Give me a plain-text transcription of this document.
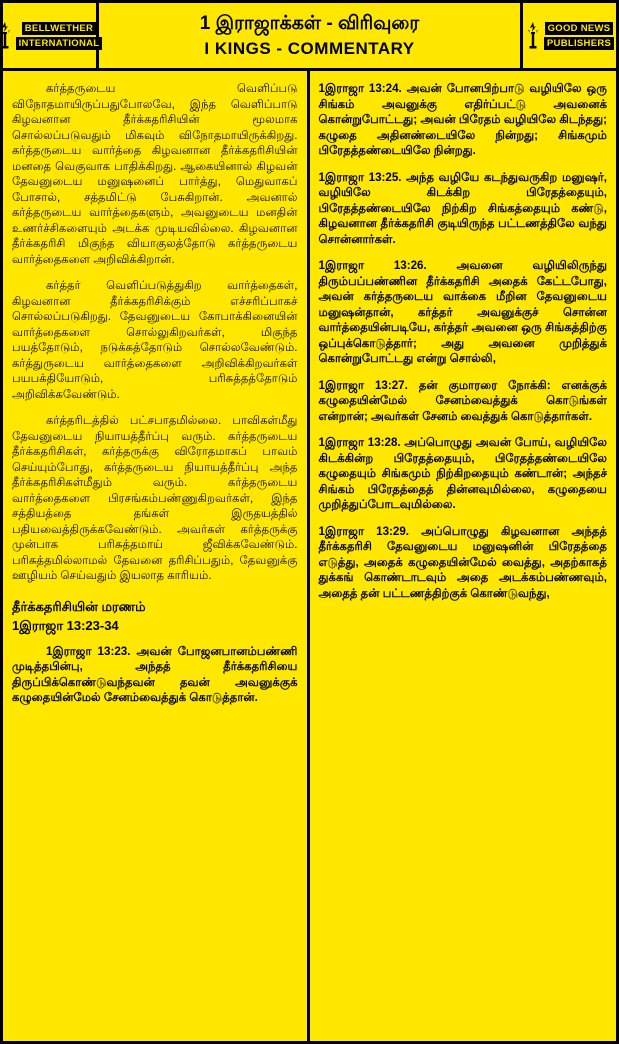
BELLWETHER
INTERNATIONAL
1 இராஜாக்கள் - விரிவுரை
I KINGS - COMMENTARY
GOOD NEWS
PUBLISHERS

கர்த்தருடைய வெளிப்படு விநோதமாயிருப்பதுபோலவே, இந்த வெளிப்பாடு கிழவனான தீர்க்கதரிசியின் மூலமாக சொல்லப்படுவதும் மிகவும் விநோதமாயிருக்கிறது. கர்த்தருடைய வார்த்தை கிழவனான தீர்க்கதரிசியின் மனதை வெகுவாக பாதிக்கிறது. ஆகையினால் கிழவன் தேவனுடைய மனுஷனைப் பார்த்து, மெதுவாகப் போசால், சத்தமிட்டு பேசுகிறான். அவனால் கர்த்தருடைய வார்த்தைகளும், அவனுடைய மனதின் உணர்ச்சிகளையும் அடக்க முடியவில்லை. கிழவனான தீர்க்கதரிசி மிகுந்த வியாகுலத்தோடு கர்த்தருடைய வார்த்தைகளை அறிவிக்கிறான்.

கர்த்தர் வெளிப்படுத்துகிற வார்த்தைகள், கிழவனான தீர்க்கதரிசிக்கும் எச்சரிப்பாகச் சொல்லப்படுகிறது. தேவனுடைய கோபாக்கினையின் வார்த்தைகளை சொல்லுகிறவர்கள், மிகுந்த பயத்தோடும், நடுக்கத்தோடும் சொல்லவேண்டும். கர்த்துருடைய வார்த்தைகளை அறிவிக்கிறவர்கள் பயபக்தியோடும், பரிசுத்தத்தோடும் அறிவிக்கவேண்டும்.

கர்த்தரிடத்தில் பட்சபாதமில்லை. பாவிகள்மீது தேவனுடைய நியாயத்தீர்ப்பு வரும். கர்த்தருடைய தீர்க்கதரிசிகள், கர்த்தருக்கு விரோதமாகப் பாவம் செய்யும்போது, கர்த்தருடைய நியாயத்தீர்ப்பு அந்த தீர்க்கதரிசிகள்மீதும் வரும். கர்த்தருடைய வார்த்தைகளை பிரசங்கம்பண்ணுகிறவர்கள், இந்த சத்தியத்தை தங்கள் இருதயத்தில் பதியவைத்திருக்கவேண்டும். அவர்கள் கர்த்தருக்கு முன்பாக பரிசுத்தமாய் ஜீவிக்கவேண்டும். பரிசுத்தமில்லாமல் தேவனை தரிசிப்பதும், தேவனுக்கு ஊழியம் செய்வதும் இயலாத காரியம்.

தீர்க்கதரிசியின் மரணம்
1இராஜா 13:23-34

1இராஜா 13:23. அவன் போஜனபானம்பண்ணி முடித்தபின்பு, அந்தத் தீர்க்கதரிசியை திருப்பிக்கொண்டுவந்தவன் தவன் அவனுக்குக் கழுதையின்மேல் சேனம்வைத்துக் கொடுத்தான்.

1இராஜா 13:24. அவன் போனபிற்பாடு வழியிலே ஒரு சிங்கம் அவனுக்கு எதிர்ப்பட்டு அவனைக் கொன்றுபோட்டது; அவன் பிரேதம் வழியிலே கிடந்தது; கழுதை அதினண்டையிலே நின்றது; சிங்கமும் பிரேதத்தண்டையிலே நின்றது.

1இராஜா 13:25. அந்த வழியே கடந்துவருகிற மனுஷர், வழியிலே கிடக்கிற பிரேதத்தையும், பிரேதத்தண்டையிலே நிற்கிற சிங்கத்தையும் கண்டு, கிழவனான தீர்க்கதரிசி குடியிருந்த பட்டணத்திலே வந்து சொன்னார்கள்.

1இராஜா 13:26. அவனை வழியிலிருந்து திரும்பப்பண்ணின தீர்க்கதரிசி அதைக் கேட்டபோது, அவன் கர்த்தருடைய வாக்கை மீறின தேவனுடைய மனுஷன்தான், கர்த்தர் அவனுக்குச் சொன்ன வார்த்தையின்படியே, கர்த்தர் அவனை ஒரு சிங்கத்திற்கு ஒப்புக்கொடுத்தார்; அது அவனை முறித்துக் கொன்றுபோட்டது என்று சொல்லி,

1இராஜா 13:27. தன் குமாரரை நோக்கி: எனக்குக் கழுதையின்மேல் சேனம்வைத்துக் கொடுங்கள் என்றான்; அவர்கள் சேனம் வைத்துக் கொடுத்தார்கள்.

1இராஜா 13:28. அப்பொழுது அவன் போய், வழியிலே கிடக்கின்ற பிரேதத்தையும், பிரேதத்தண்டையிலே கழுதையும் சிங்கமும் நிற்கிறதையும் கண்டான்; அந்தச் சிங்கம் பிரேதத்தைத் தின்னவுமில்லை, கழுதையை முறித்துப்போடவுமில்லை.

1இராஜா 13:29. அப்பொழுது கிழவனான அந்தத் தீர்க்கதரிசி தேவனுடைய மனுஷனின் பிரேதத்தை எடுத்து, அதைக் கழுதையின்மேல் வைத்து, அதற்காகத் துக்கங் கொண்டாடவும் அதை அடக்கம்பண்ணவும், அதைத் தன் பட்டணத்திற்குக் கொண்டுவந்து,
